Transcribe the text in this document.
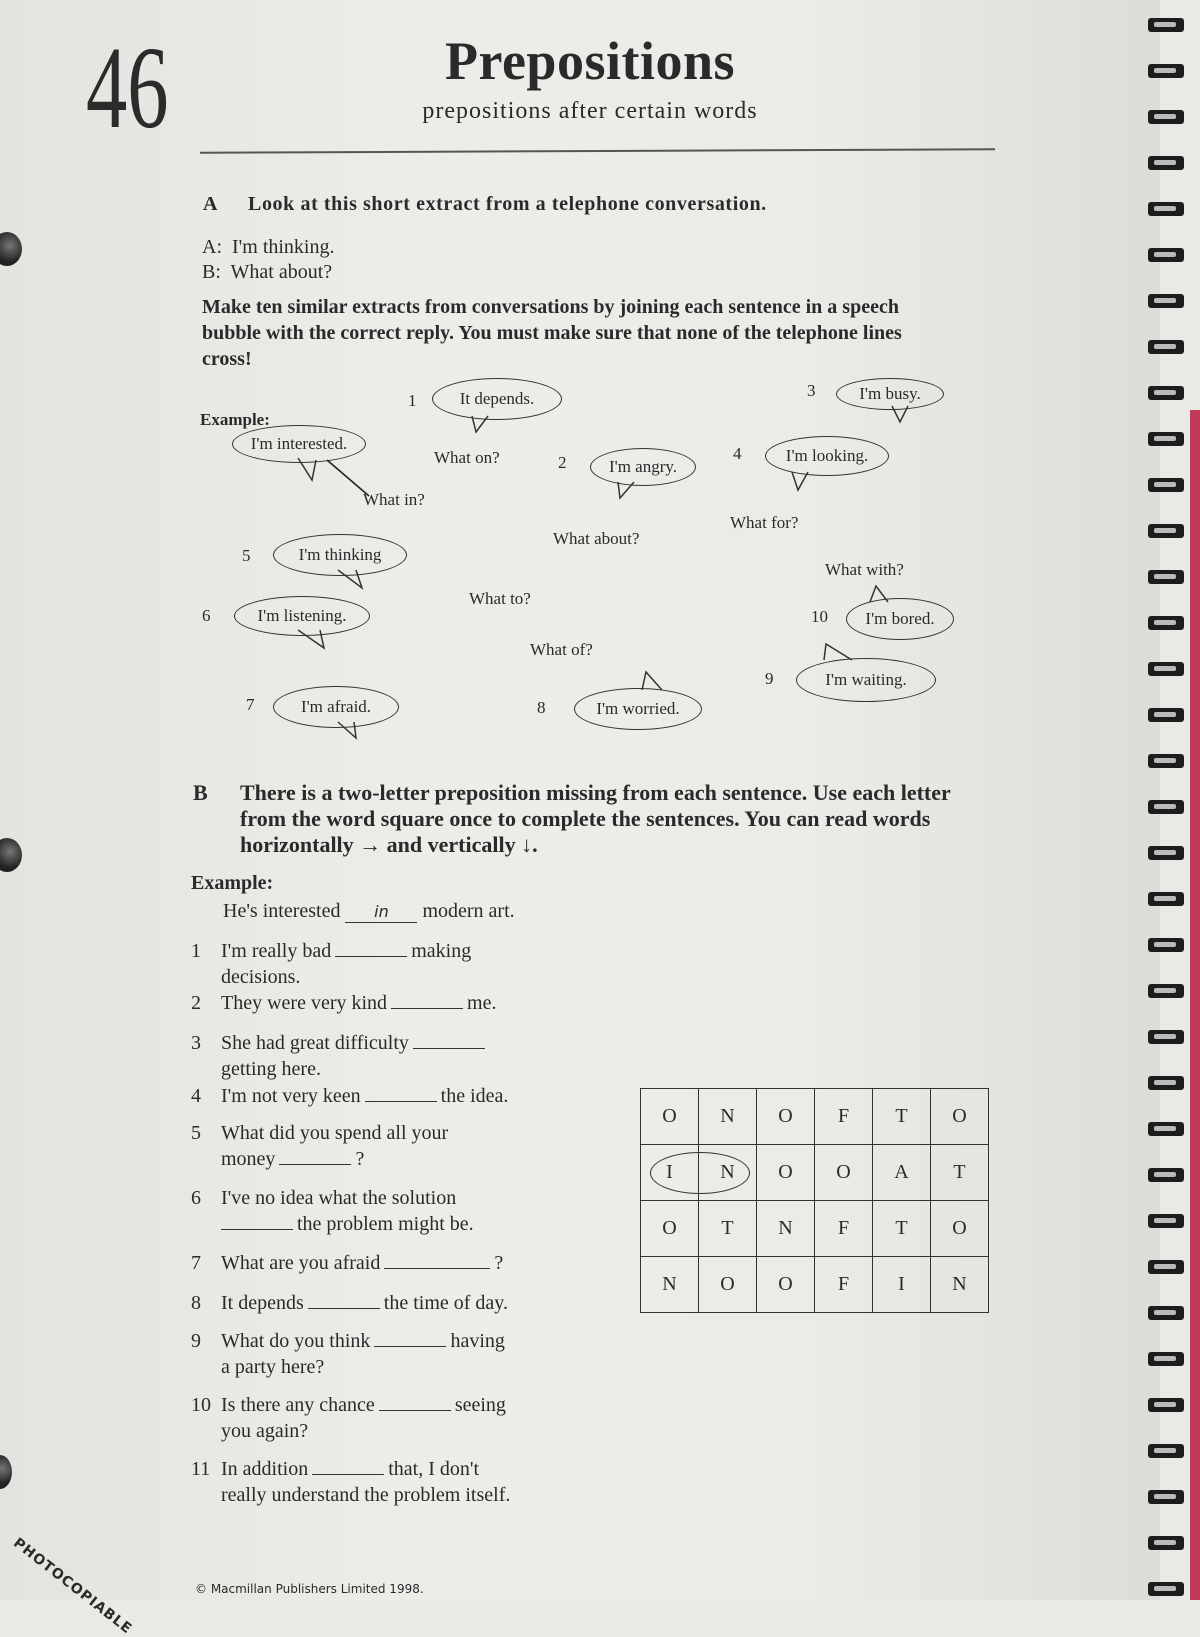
46	Prepositions
prepositions after certain words
A Look at this short extract from a telephone conversation.
A: I'm thinking.
B: What about?
Make ten similar extracts from conversations by joining each sentence in a speech bubble with the correct reply. You must make sure that none of the telephone lines cross!
Example:
I'm interested.
What in?
1	It depends.	3	I'm busy.
What on?	2	I'm angry.
4	I'm looking.
What for?
What about?
5	I'm thinking
What with?
What to?
6	I'm listening.	10	I'm bored.
What of?
9	I'm waiting.
7	I'm afraid.	8	I'm worried.
B There is a two-letter preposition missing from each sentence. Use each letter from the word square once to complete the sentences. You can read words horizontally → and vertically ↓.
Example:
He's interested in modern art.
1 I'm really bad	making
decisions.
2 They were very kind	me.
3 She had great difficulty
getting here.
4 I'm not very keen	the idea.
5 What did you spend all your
money	?
6 I've no idea what the solution
the problem might be.
7 What are you afraid	?
8 It depends	the time of day.
9 What do you think	having
a party here?
10 Is there any chance	seeing
you again?
11 In addition	that, I don't
really understand the problem itself.
O	N	O	F	T	O
I	N	O	O	A	T
O	T	N	F	T	O
N	O	O	F	I	N
PHOTOCOPIABLE	© Macmillan Publishers Limited 1998.
